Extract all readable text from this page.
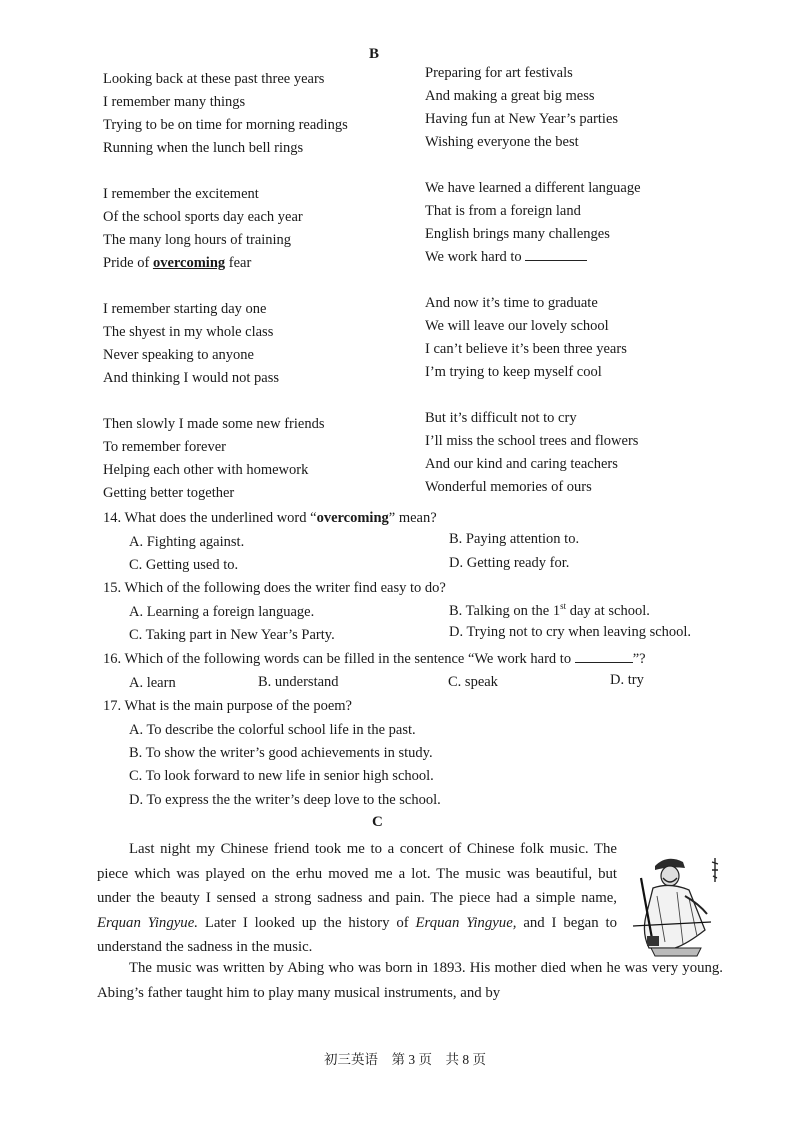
B
Looking back at these past three years
I remember many things
Trying to be on time for morning readings
Running when the lunch bell rings
I remember the excitement
Of the school sports day each year
The many long hours of training
Pride of overcoming fear
I remember starting day one
The shyest in my whole class
Never speaking to anyone
And thinking I would not pass
Then slowly I made some new friends
To remember forever
Helping each other with homework
Getting better together
Preparing for art festivals
And making a great big mess
Having fun at New Year’s parties
Wishing everyone the best
We have learned a different language
That is from a foreign land
English brings many challenges
We work hard to
And now it’s time to graduate
We will leave our lovely school
I can’t believe it’s been three years
I’m trying to keep myself cool
But it’s difficult not to cry
I’ll miss the school trees and flowers
And our kind and caring teachers
Wonderful memories of ours
14. What does the underlined word “overcoming” mean?
A. Fighting against.	B. Paying attention to.
C. Getting used to.	D. Getting ready for.
15. Which of the following does the writer find easy to do?
A. Learning a foreign language.	B. Talking on the 1st day at school.
C. Taking part in New Year’s Party.	D. Trying not to cry when leaving school.
16. Which of the following words can be filled in the sentence “We work hard to	”?
A. learn	B. understand	C. speak	D. try
17. What is the main purpose of the poem?
A. To describe the colorful school life in the past.
B. To show the writer’s good achievements in study.
C. To look forward to new life in senior high school.
D. To express the the writer’s deep love to the school.
C
Last night my Chinese friend took me to a concert of Chinese folk music. The piece which was played on the erhu moved me a lot. The music was beautiful, but under the beauty I sensed a strong sadness and pain. The piece had a simple name, Erquan Yingyue. Later I looked up the history of Erquan Yingyue, and I began to understand the sadness in the music.
The music was written by Abing who was born in 1893. His mother died when he was very young. Abing’s father taught him to play many musical instruments, and by
初三英语　第 3 页　共 8 页
